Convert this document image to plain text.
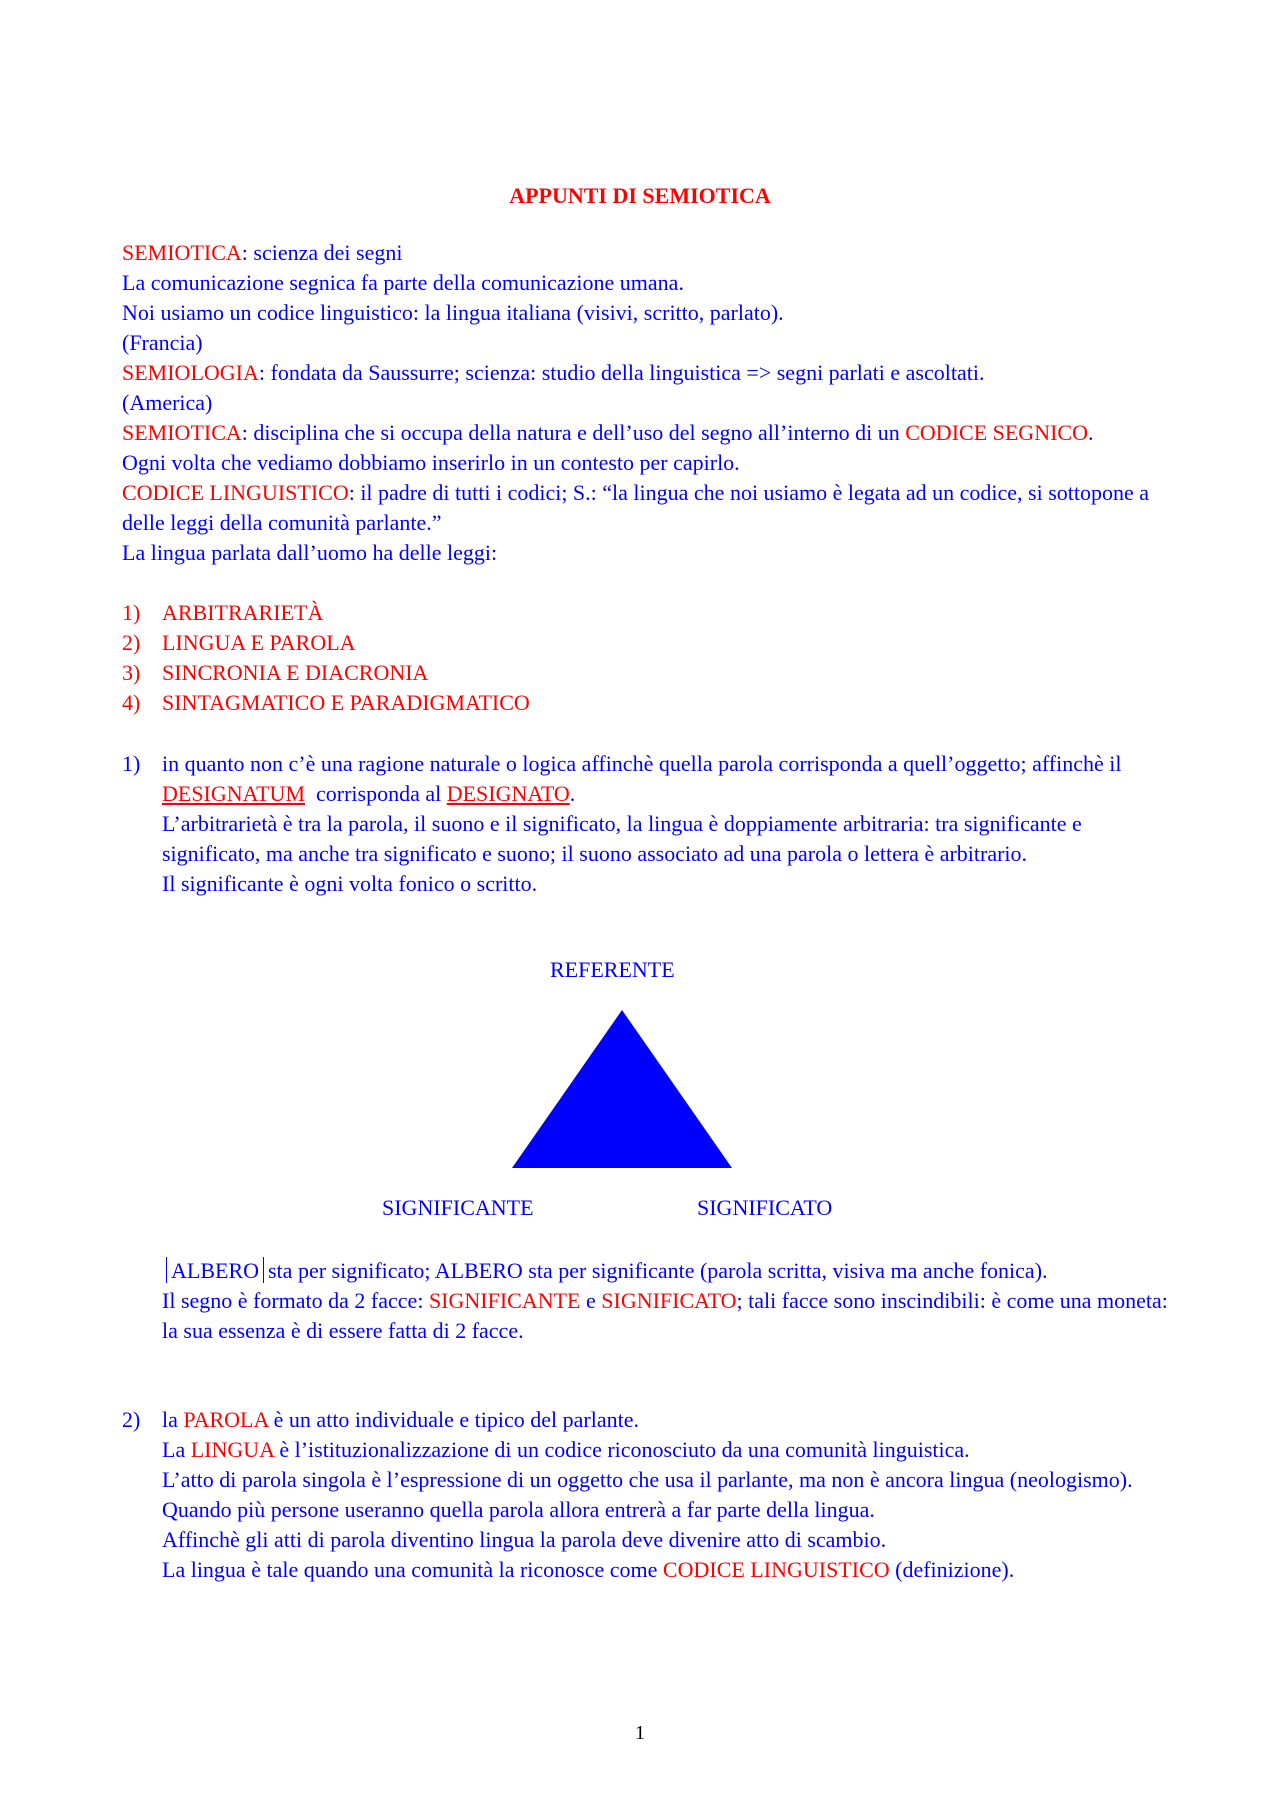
APPUNTI DI SEMIOTICA
SEMIOTICA: scienza dei segni
La comunicazione segnica fa parte della comunicazione umana.
Noi usiamo un codice linguistico: la lingua italiana (visivi, scritto, parlato).
(Francia)
SEMIOLOGIA: fondata da Saussurre; scienza: studio della linguistica => segni parlati e ascoltati.
(America)
SEMIOTICA: disciplina che si occupa della natura e dell’uso del segno all’interno di un CODICE SEGNICO.
Ogni volta che vediamo dobbiamo inserirlo in un contesto per capirlo.
CODICE LINGUISTICO: il padre di tutti i codici; S.: “la lingua che noi usiamo è legata ad un codice, si sottopone a delle leggi della comunità parlante.”
La lingua parlata dall’uomo ha delle leggi:
1) ARBITRARIETÀ
2) LINGUA E PAROLA
3) SINCRONIA E DIACRONIA
4) SINTAGMATICO E PARADIGMATICO
1) in quanto non c’è una ragione naturale o logica affinchè quella parola corrisponda a quell’oggetto; affinchè il DESIGNATUM  corrisponda al DESIGNATO.
L’arbitrarietà è tra la parola, il suono e il significato, la lingua è doppiamente arbitraria: tra significante e significato, ma anche tra significato e suono; il suono associato ad una parola o lettera è arbitrario.
Il significante è ogni volta fonico o scritto.
REFERENTE
SIGNIFICANTE	SIGNIFICATO
ALBERO sta per significato; ALBERO sta per significante (parola scritta, visiva ma anche fonica).
Il segno è formato da 2 facce: SIGNIFICANTE e SIGNIFICATO; tali facce sono inscindibili: è come una moneta: la sua essenza è di essere fatta di 2 facce.
2) la PAROLA è un atto individuale e tipico del parlante.
La LINGUA è l’istituzionalizzazione di un codice riconosciuto da una comunità linguistica.
L’atto di parola singola è l’espressione di un oggetto che usa il parlante, ma non è ancora lingua (neologismo).
Quando più persone useranno quella parola allora entrerà a far parte della lingua.
Affinchè gli atti di parola diventino lingua la parola deve divenire atto di scambio.
La lingua è tale quando una comunità la riconosce come CODICE LINGUISTICO (definizione).
1
